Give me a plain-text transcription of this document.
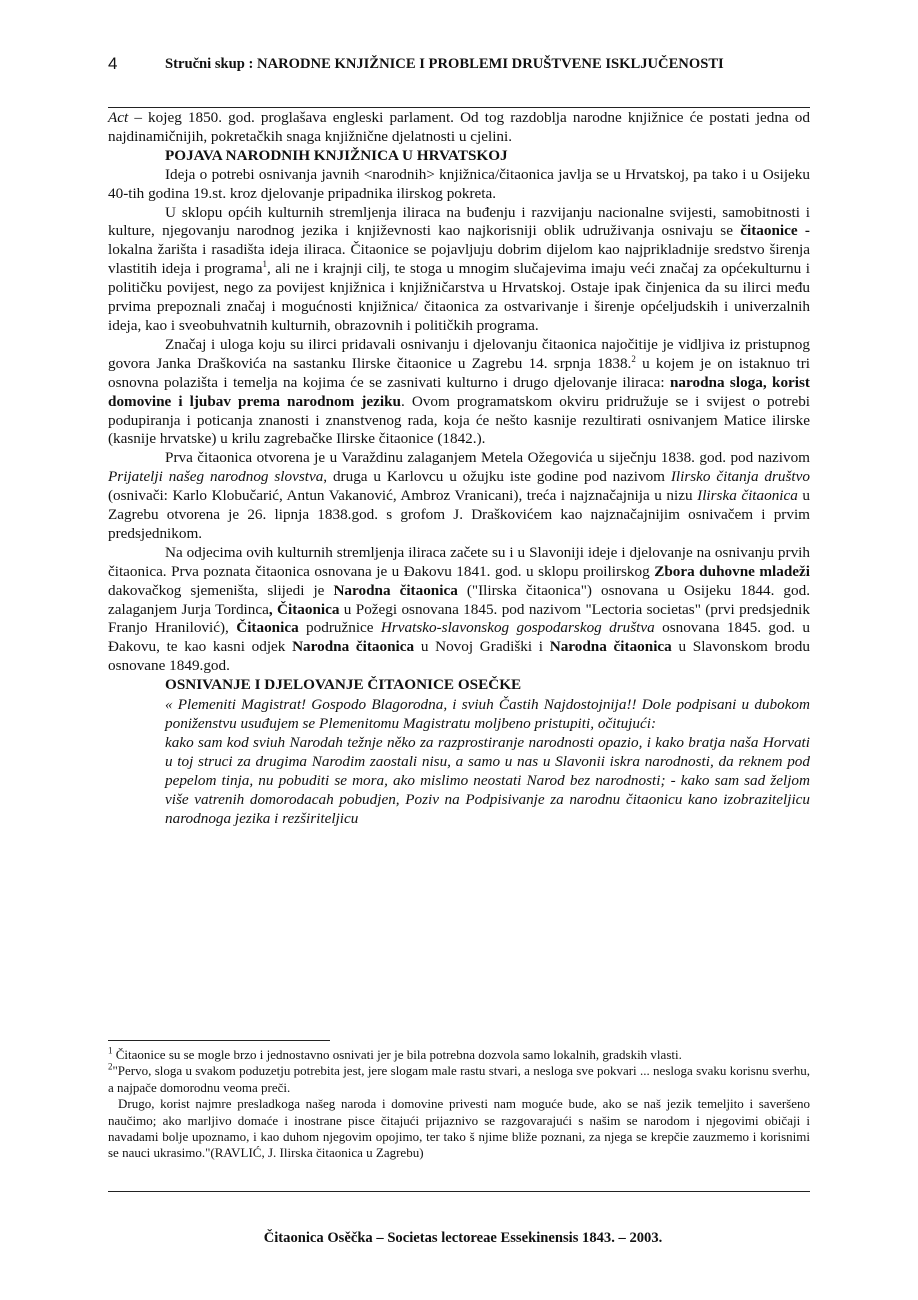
4	Stručni skup : NARODNE KNJIŽNICE I PROBLEMI DRUŠTVENE ISKLJUČENOSTI

Act – kojeg 1850. god. proglašava engleski parlament. Od tog razdoblja narodne knjižnice će postati jedna od najdinamičnijih, pokretačkih snaga knjižnične djelatnosti u cjelini.

POJAVA NARODNIH KNJIŽNICA U HRVATSKOJ

Ideja o potrebi osnivanja javnih <narodnih> knjižnica/čitaonica javlja se u Hrvatskoj, pa tako i u Osijeku 40-tih godina 19.st. kroz djelovanje pripadnika ilirskog pokreta.

U sklopu općih kulturnih stremljenja iliraca na buđenju i razvijanju nacionalne svijesti, samobitnosti i kulture, njegovanju narodnog jezika i književnosti kao najkorisniji oblik udruživanja osnivaju se čitaonice - lokalna žarišta i rasadišta ideja iliraca. Čitaonice se pojavljuju dobrim dijelom kao najprikladnije sredstvo širenja vlastitih ideja i programa$^1$, ali ne i krajnji cilj, te stoga u mnogim slučajevima imaju veći značaj za općekulturnu i političku povijest, nego za povijest knjižnica i knjižničarstva u Hrvatskoj. Ostaje ipak činjenica da su ilirci među prvima prepoznali značaj i mogućnosti knjižnica/ čitaonica za ostvarivanje i širenje općeljudskih i univerzalnih ideja, kao i sveobuhvatnih kulturnih, obrazovnih i političkih programa.

Značaj i uloga koju su ilirci pridavali osnivanju i djelovanju čitaonica najočitije je vidljiva iz pristupnog govora Janka Draškovića na sastanku Ilirske čitaonice u Zagrebu 14. srpnja 1838.$^2$ u kojem je on istaknuo tri osnovna polazišta i temelja na kojima će se zasnivati kulturno i drugo djelovanje iliraca: narodna sloga, korist domovine i ljubav prema narodnom jeziku. Ovom programatskom okviru pridružuje se i svijest o potrebi podupiranja i poticanja znanosti i znanstvenog rada, koja će nešto kasnije rezultirati osnivanjem Matice ilirske (kasnije hrvatske) u krilu zagrebačke Ilirske čitaonice (1842.).

Prva čitaonica otvorena je u Varaždinu zalaganjem Metela Ožegovića u siječnju 1838. god. pod nazivom Prijatelji našeg narodnog slovstva, druga u Karlovcu u ožujku iste godine pod nazivom Ilirsko čitanja društvo (osnivači: Karlo Klobučarić, Antun Vakanović, Ambroz Vranicani), treća i najznačajnija u nizu Ilirska čitaonica u Zagrebu otvorena je 26. lipnja 1838.god. s grofom J. Draškovićem kao najznačajnijim osnivačem i prvim predsjednikom.

Na odjecima ovih kulturnih stremljenja iliraca začete su i u Slavoniji ideje i djelovanje na osnivanju prvih čitaonica. Prva poznata čitaonica osnovana je u Đakovu 1841. god. u sklopu proilirskog Zbora duhovne mladeži dakovačkog sjemeništa, slijedi je Narodna čitaonica ("Ilirska čitaonica") osnovana u Osijeku 1844. god. zalaganjem Jurja Tordinca, Čitaonica u Požegi osnovana 1845. pod nazivom "Lectoria societas" (prvi predsjednik Franjo Hranilović), Čitaonica podružnice Hrvatsko-slavonskog gospodarskog društva osnovana 1845. god. u Đakovu, te kao kasni odjek Narodna čitaonica u Novoj Gradiški i Narodna čitaonica u Slavonskom brodu osnovane 1849.god.

OSNIVANJE I DJELOVANJE ČITAONICE OSEČKE

« Plemeniti Magistrat! Gospodo Blagorodna, i sviuh Častih Najdostojnija!! Dole podpisani u dubokom poniženstvu usuđujem se Plemenitomu Magistratu moljbeno pristupiti, očitujući:
kako sam kod sviuh Narodah težnje něko za razprostiranje narodnosti opazio, i kako bratja naša Horvati u toj struci za drugima Narodim zaostali nisu, a samo u nas u Slavonii iskra narodnosti, da reknem pod pepelom tinja, nu pobuditi se mora, ako mislimo neostati Narod bez narodnosti; - kako sam sad željom više vatrenih domorodacah pobudjen, Poziv na Podpisivanje za narodnu čitaonicu kano izobraziteljicu narodnoga jezika i rezširiteljicu

$^1$ Čitaonice su se mogle brzo i jednostavno osnivati jer je bila potrebna dozvola samo lokalnih, gradskih vlasti.

$^2$"Pervo, sloga u svakom poduzetju potrebita jest, jere slogam male rastu stvari, a nesloga sve pokvari ... nesloga svaku korisnu sverhu, a najpače domorodnu veoma preči.

Drugo, korist najmre presladkoga našeg naroda i domovine privesti nam moguće bude, ako se naš jezik temeljito i saveršeno naučimo; ako marljivo domaće i inostrane pisce čitajući prijaznivo se razgovarajući s našim se narodom i njegovimi običaji i navadami bolje upoznamo, i kao duhom njegovim opojimo, ter tako š njime bliže poznani, za njega se krepčie zauzmemo i korisnimi se nauci ukrasimo."(RAVLIĆ, J. Ilirska čitaonica u Zagrebu)

Čitaonica Osěčka – Societas lectoreae Essekinensis 1843. – 2003.
